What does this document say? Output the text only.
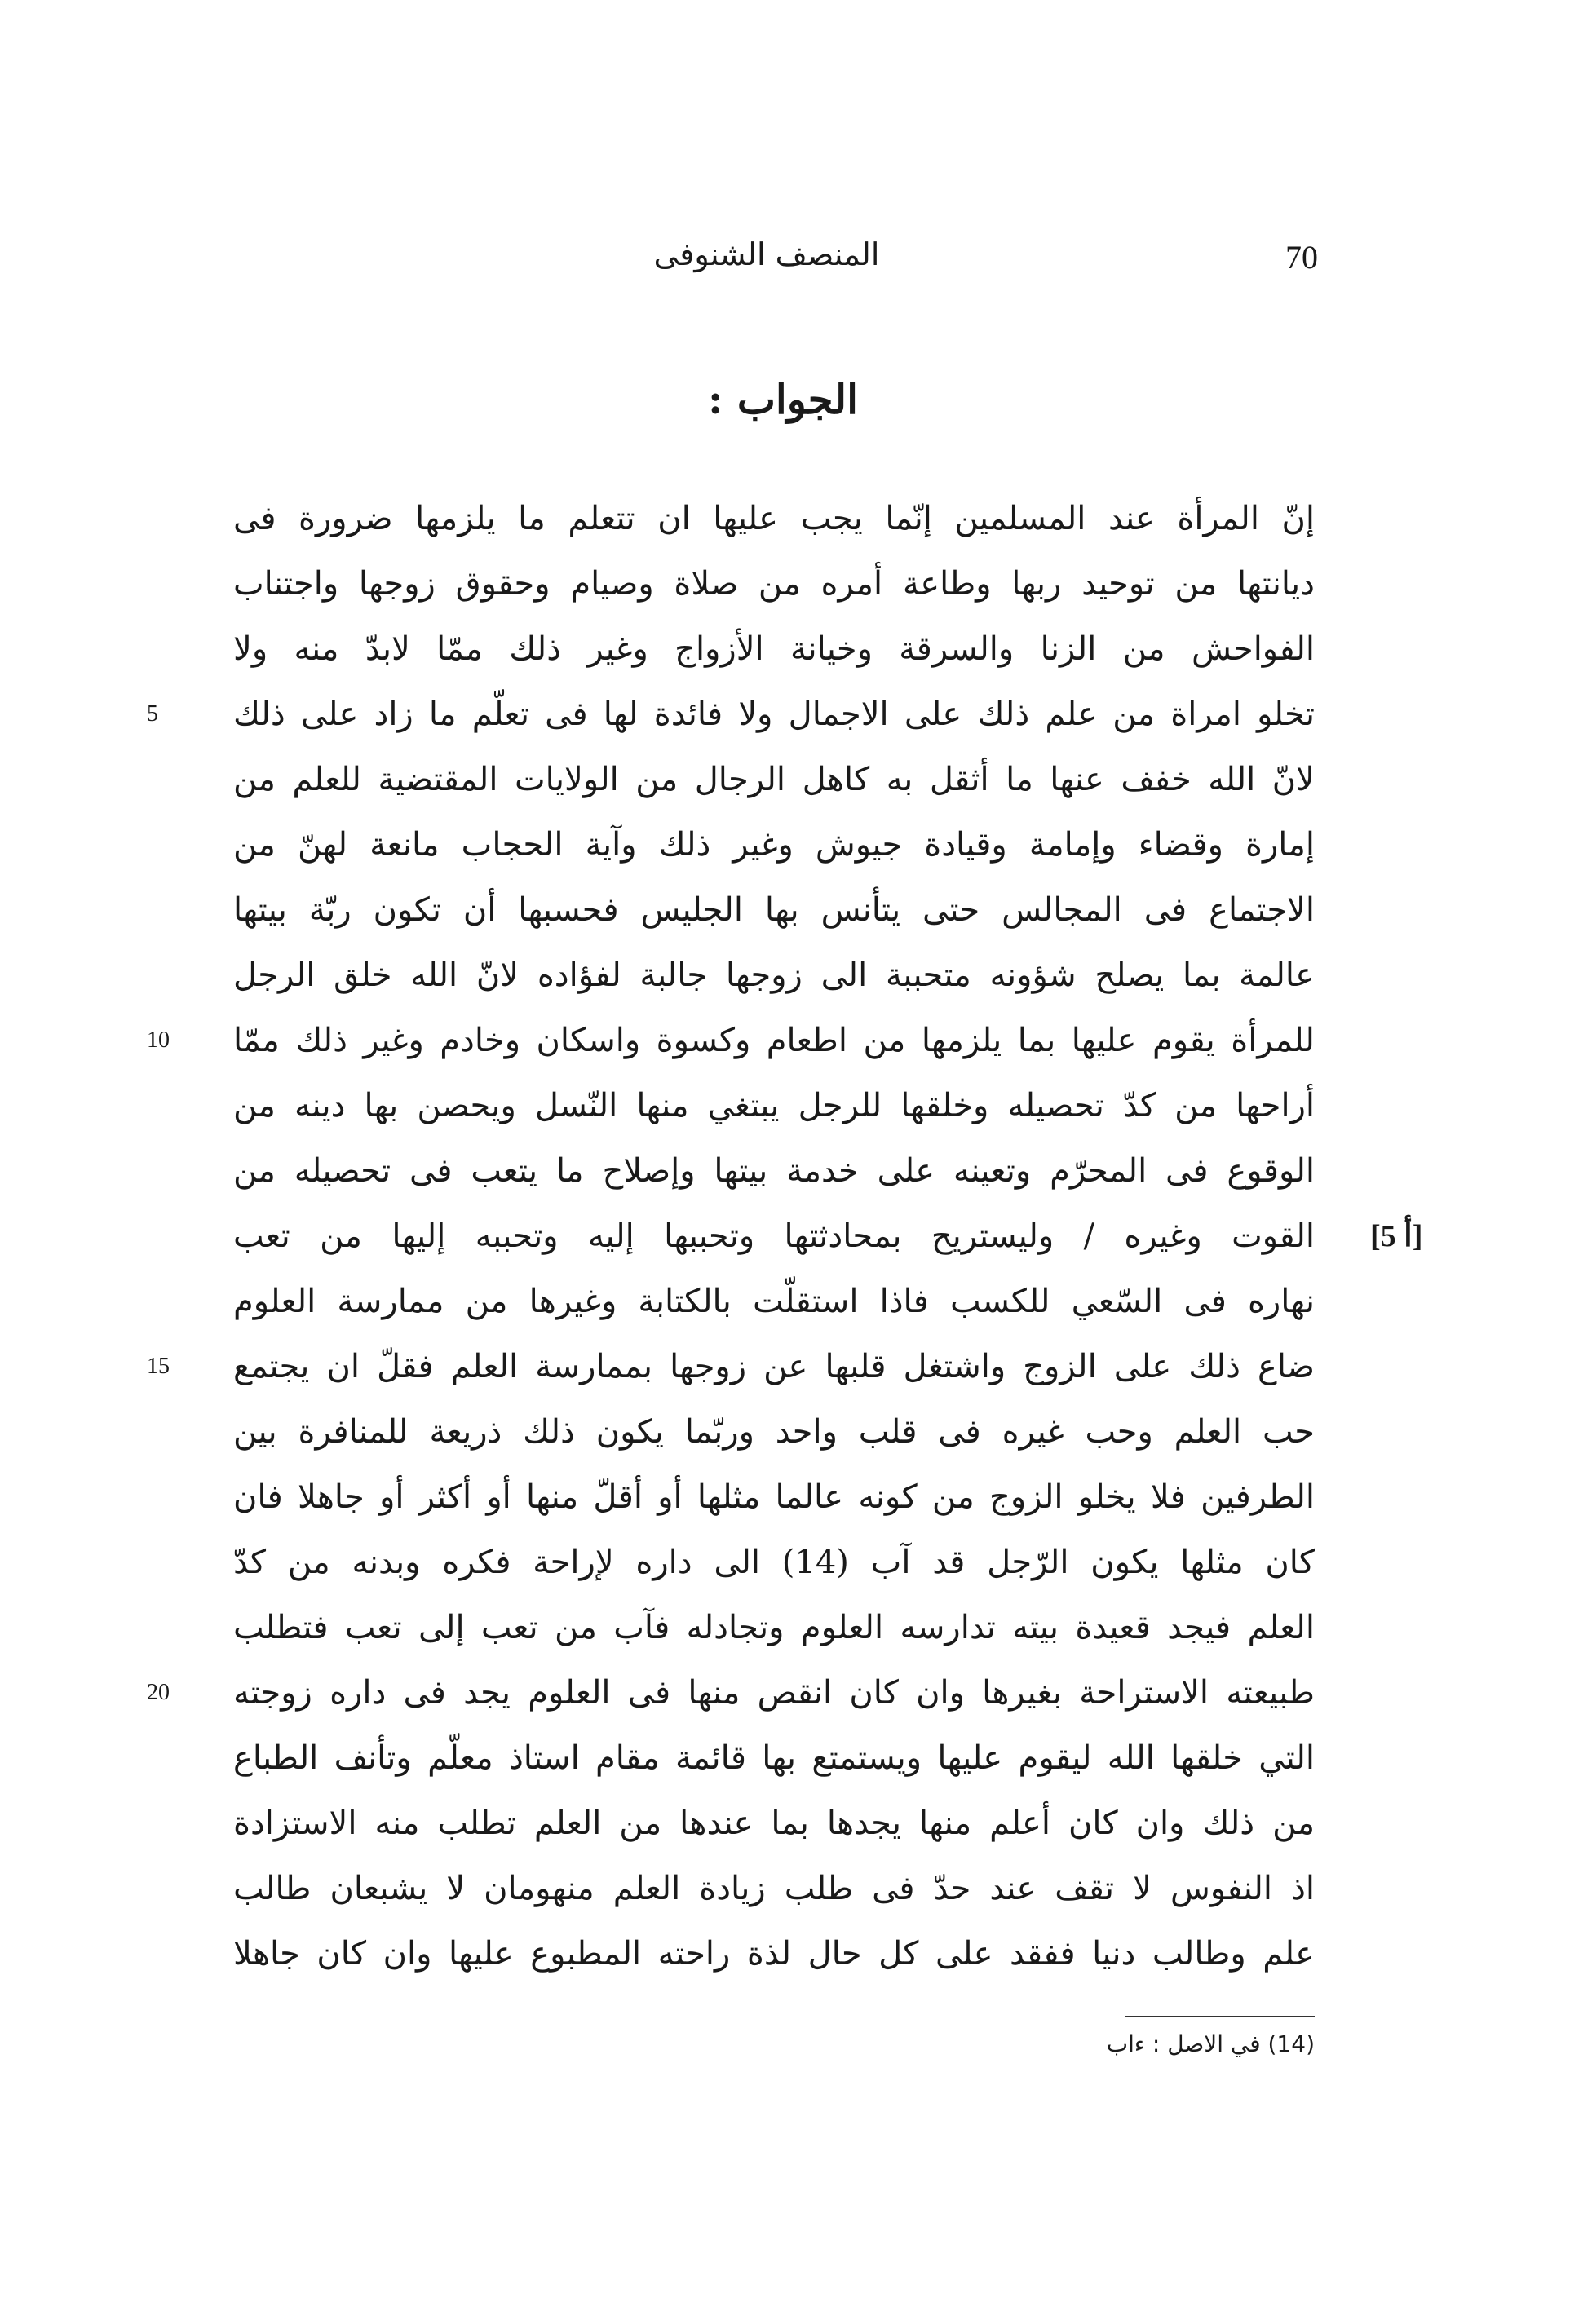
70
المنصف الشنوفى
الجواب :
إنّ المرأة عند المسلمين إنّما يجب عليها ان تتعلم ما يلزمها ضرورة فى
ديانتها من توحيد ربها وطاعة أمره من صلاة وصيام وحقوق زوجها واجتناب
الفواحش من الزنا والسرقة وخيانة الأزواج وغير ذلك ممّا لابدّ منه ولا
تخلو امراة من علم ذلك على الاجمال ولا فائدة لها فى تعلّم ما زاد على ذلك
لانّ الله خفف عنها ما أثقل به كاهل الرجال من الولايات المقتضية للعلم من
إمارة وقضاء وإمامة وقيادة جيوش وغير ذلك وآية الحجاب مانعة لهنّ من
الاجتماع فى المجالس حتى يتأنس بها الجليس فحسبها أن تكون ربّة بيتها
عالمة بما يصلح شؤونه متحببة الى زوجها جالبة لفؤاده لانّ الله خلق الرجل
للمرأة يقوم عليها بما يلزمها من اطعام وكسوة واسكان وخادم وغير ذلك ممّا
أراحها من كدّ تحصيله وخلقها للرجل يبتغي منها النّسل ويحصن بها دينه من
الوقوع فى المحرّم وتعينه على خدمة بيتها وإصلاح ما يتعب فى تحصيله من
القوت وغيره / وليستريح بمحادثتها وتحببها إليه وتحببه إليها من تعب
نهاره فى السّعي للكسب فاذا استقلّت بالكتابة وغيرها من ممارسة العلوم
ضاع ذلك على الزوج واشتغل قلبها عن زوجها بممارسة العلم فقلّ ان يجتمع
حب العلم وحب غيره فى قلب واحد وربّما يكون ذلك ذريعة للمنافرة بين
الطرفين فلا يخلو الزوج من كونه عالما مثلها أو أقلّ منها أو أكثر أو جاهلا فان
كان مثلها يكون الرّجل قد آب (14) الى داره لإراحة فكره وبدنه من كدّ
العلم فيجد قعيدة بيته تدارسه العلوم وتجادله فآب من تعب إلى تعب فتطلب
طبيعته الاستراحة بغيرها وان كان انقص منها فى العلوم يجد فى داره زوجته
التي خلقها الله ليقوم عليها ويستمتع بها قائمة مقام استاذ معلّم وتأنف الطباع
من ذلك وان كان أعلم منها يجدها بما عندها من العلم تطلب منه الاستزادة
اذ النفوس لا تقف عند حدّ فى طلب زيادة العلم منهومان لا يشبعان طالب
علم وطالب دنيا ففقد على كل حال لذة راحته المطبوع عليها وان كان جاهلا
5
10
15
20
[5 أ]
(14) في الاصل : ءاب
